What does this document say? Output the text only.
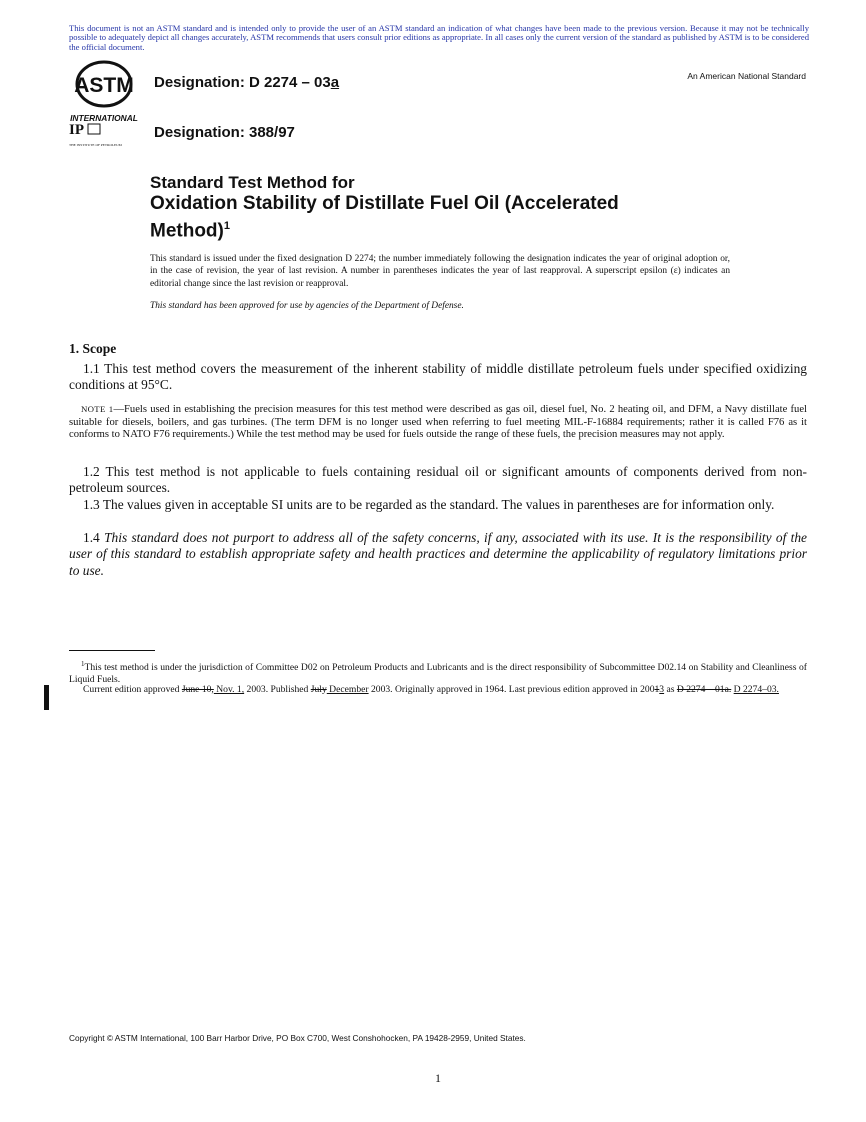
This document is not an ASTM standard and is intended only to provide the user of an ASTM standard an indication of what changes have been made to the previous version. Because it may not be technically possible to adequately depict all changes accurately, ASTM recommends that users consult prior editions as appropriate. In all cases only the current version of the standard as published by ASTM is to be considered the official document.
ASTM
INTERNATIONAL
IP
THE INSTITUTE OF PETROLEUM
Designation: D 2274 – 03a
Designation: 388/97
An American National Standard
Standard Test Method for
Oxidation Stability of Distillate Fuel Oil (Accelerated
Method)$^1$
This standard is issued under the fixed designation D 2274; the number immediately following the designation indicates the year of original adoption or, in the case of revision, the year of last revision. A number in parentheses indicates the year of last reapproval. A superscript epsilon (ε) indicates an editorial change since the last revision or reapproval.
This standard has been approved for use by agencies of the Department of Defense.
1. Scope
1.1 This test method covers the measurement of the inherent stability of middle distillate petroleum fuels under specified oxidizing conditions at 95°C.
NOTE 1—Fuels used in establishing the precision measures for this test method were described as gas oil, diesel fuel, No. 2 heating oil, and DFM, a Navy distillate fuel suitable for diesels, boilers, and gas turbines. (The term DFM is no longer used when referring to fuel meeting MIL-F-16884 requirements; rather it is called F76 as it conforms to NATO F76 requirements.) While the test method may be used for fuels outside the range of these fuels, the precision measures may not apply.
1.2 This test method is not applicable to fuels containing residual oil or significant amounts of components derived from non-petroleum sources.
1.3 The values given in acceptable SI units are to be regarded as the standard. The values in parentheses are for information only.
1.4 This standard does not purport to address all of the safety concerns, if any, associated with its use. It is the responsibility of the user of this standard to establish appropriate safety and health practices and determine the applicability of regulatory limitations prior to use.
$^1$This test method is under the jurisdiction of Committee D02 on Petroleum Products and Lubricants and is the direct responsibility of Subcommittee D02.14 on Stability and Cleanliness of Liquid Fuels.
Current edition approved June 10, Nov. 1, 2003. Published July December 2003. Originally approved in 1964. Last previous edition approved in 20013 as D 2274 – 01a. D 2274–03.
Copyright © ASTM International, 100 Barr Harbor Drive, PO Box C700, West Conshohocken, PA 19428-2959, United States.
1
